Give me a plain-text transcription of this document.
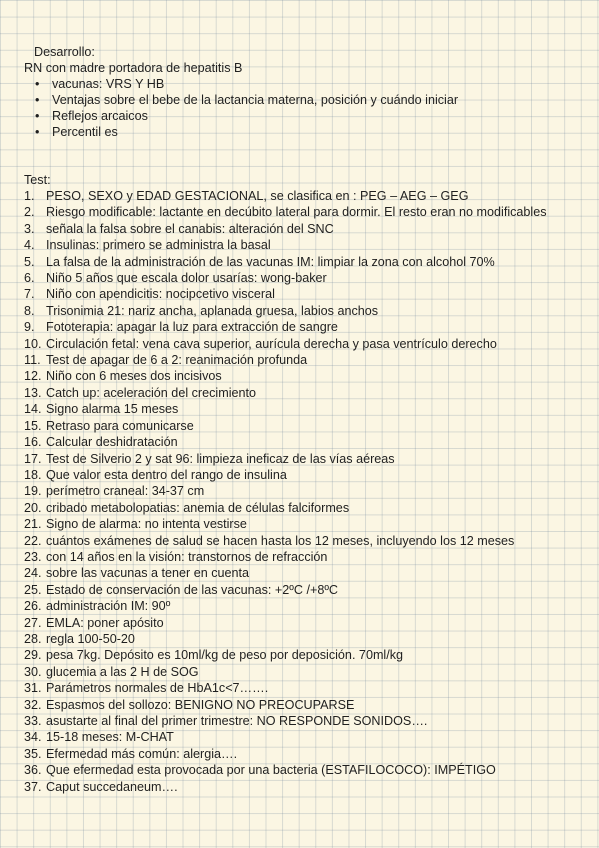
Desarrollo:
RN con madre portadora de hepatitis B
• vacunas: VRS Y HB
• Ventajas sobre el bebe de la lactancia materna, posición y cuándo iniciar
• Reflejos arcaicos
• Percentil es
Test:
1. PESO, SEXO y EDAD GESTACIONAL, se clasifica en : PEG – AEG – GEG
2. Riesgo modificable: lactante en decúbito lateral para dormir. El resto eran no modificables
3. señala la falsa sobre el canabis: alteración del SNC
4. Insulinas: primero se administra la basal
5. La falsa de la administración de las vacunas IM: limpiar la zona con alcohol 70%
6. Niño 5 años que escala dolor usarías: wong-baker
7. Niño con apendicitis: nocipcetivo visceral
8. Trisonimia 21: nariz ancha, aplanada gruesa, labios anchos
9. Fototerapia: apagar la luz para extracción de sangre
10. Circulación fetal: vena cava superior, aurícula derecha y pasa ventrículo derecho
11. Test de apagar de 6 a 2: reanimación profunda
12. Niño con 6 meses dos incisivos
13. Catch up: aceleración del crecimiento
14. Signo alarma 15 meses
15. Retraso para comunicarse
16. Calcular deshidratación
17. Test de Silverio 2 y sat 96: limpieza ineficaz de las vías aéreas
18. Que valor esta dentro del rango de insulina
19. perímetro craneal: 34-37 cm
20. cribado metabolopatias: anemia de células falciformes
21. Signo de alarma: no intenta vestirse
22. cuántos exámenes de salud se hacen hasta los 12 meses, incluyendo los 12 meses
23. con 14 años en la visión: transtornos de refracción
24. sobre las vacunas a tener en cuenta
25. Estado de conservación de las vacunas: +2ºC /+8ºC
26. administración IM: 90º
27. EMLA: poner apósito
28. regla 100-50-20
29. pesa 7kg. Depósito es 10ml/kg de peso por deposición. 70ml/kg
30. glucemia a las 2 H de SOG
31. Parámetros normales de HbA1c<7…….
32. Espasmos del sollozo: BENIGNO NO PREOCUPARSE
33. asustarte al final del primer trimestre: NO RESPONDE SONIDOS….
34. 15-18 meses: M-CHAT
35. Efermedad más común: alergia….
36. Que efermedad esta provocada por una bacteria (ESTAFILOCOCO): IMPÉTIGO
37. Caput succedaneum….
